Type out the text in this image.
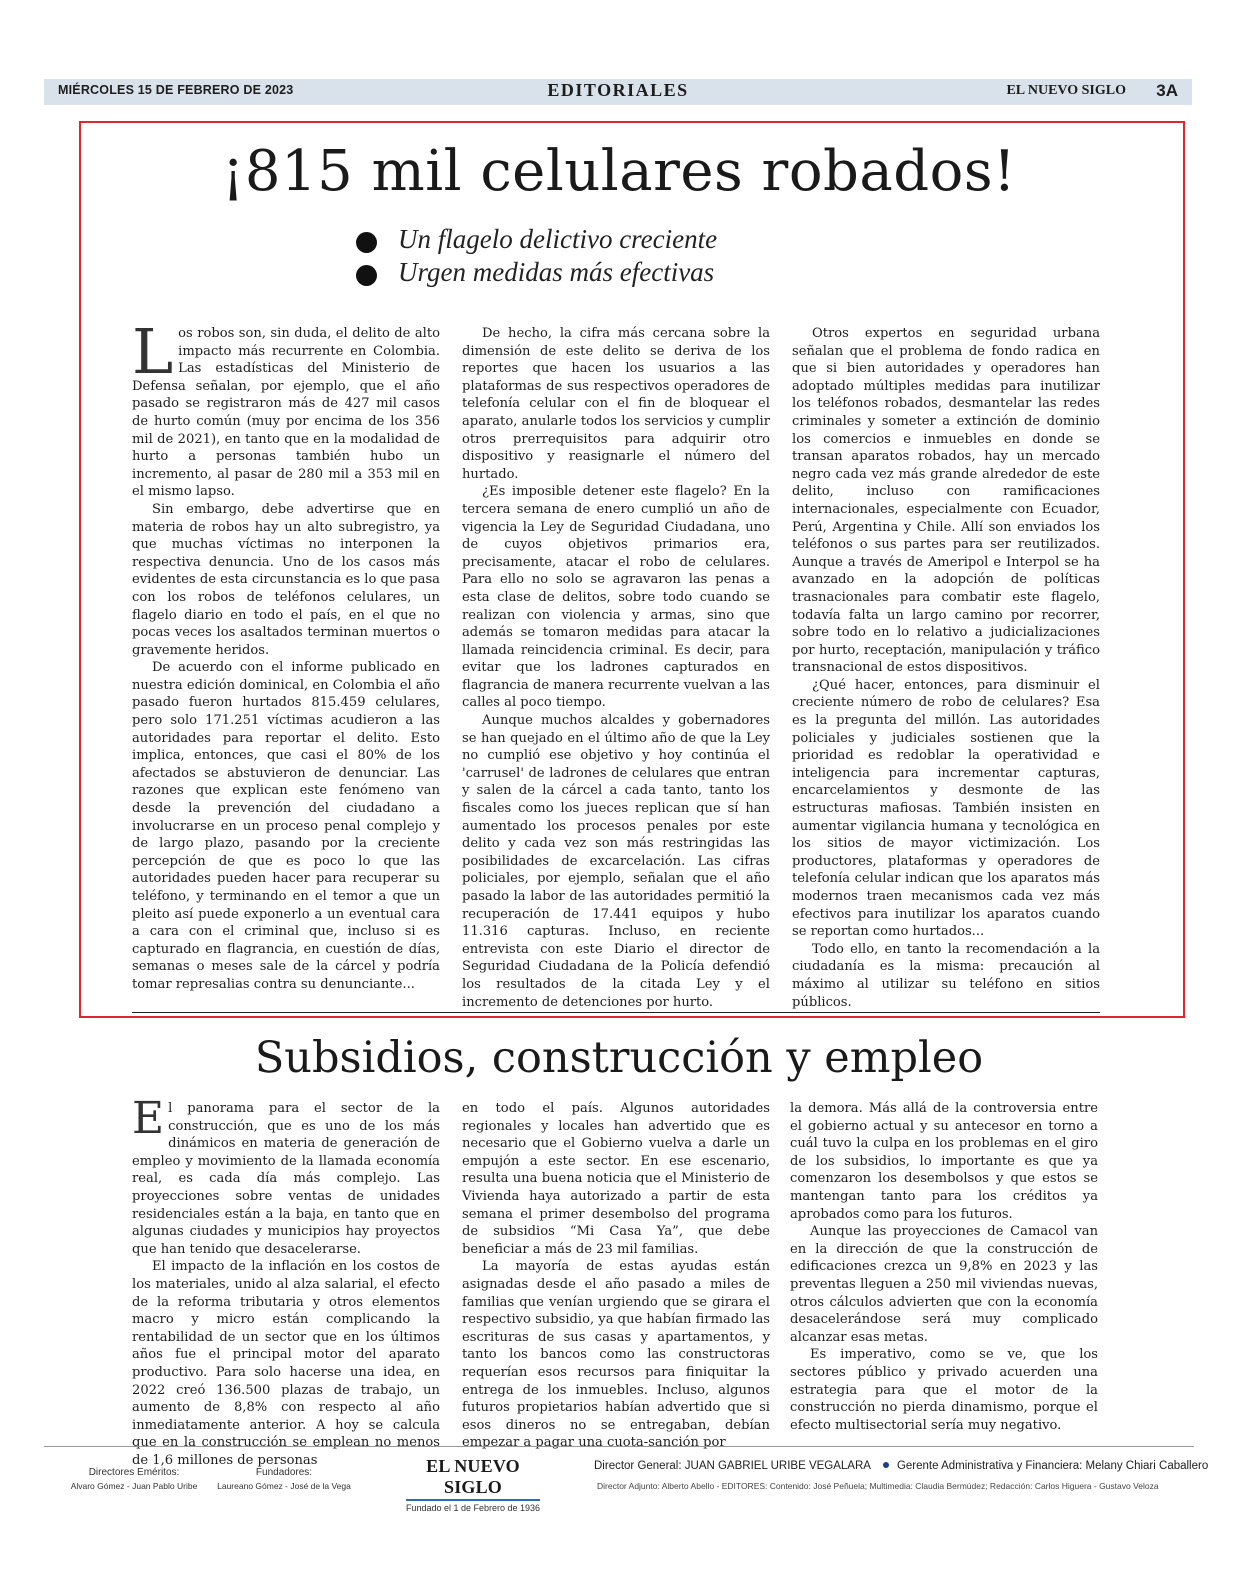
MIÉRCOLES 15 DE FEBRERO DE 2023	EDITORIALES	EL NUEVO SIGLO 3A
¡815 mil celulares robados!
Un flagelo delictivo creciente
Urgen medidas más efectivas

Los robos son, sin duda, el delito de alto impacto más recurrente en Colombia. Las estadísticas del Ministerio de Defensa señalan, por ejemplo, que el año pasado se registraron más de 427 mil casos de hurto común (muy por encima de los 356 mil de 2021), en tanto que en la modalidad de hurto a personas también hubo un incremento, al pasar de 280 mil a 353 mil en el mismo lapso.

Sin embargo, debe advertirse que en materia de robos hay un alto subregistro, ya que muchas víctimas no interponen la respectiva denuncia. Uno de los casos más evidentes de esta circunstancia es lo que pasa con los robos de teléfonos celulares, un flagelo diario en todo el país, en el que no pocas veces los asaltados terminan muertos o gravemente heridos.

De acuerdo con el informe publicado en nuestra edición dominical, en Colombia el año pasado fueron hurtados 815.459 celulares, pero solo 171.251 víctimas acudieron a las autoridades para reportar el delito. Esto implica, entonces, que casi el 80% de los afectados se abstuvieron de denunciar. Las razones que explican este fenómeno van desde la prevención del ciudadano a involucrarse en un proceso penal complejo y de largo plazo, pasando por la creciente percepción de que es poco lo que las autoridades pueden hacer para recuperar su teléfono, y terminando en el temor a que un pleito así puede exponerlo a un eventual cara a cara con el criminal que, incluso si es capturado en flagrancia, en cuestión de días, semanas o meses sale de la cárcel y podría tomar represalias contra su denunciante...

De hecho, la cifra más cercana sobre la dimensión de este delito se deriva de los reportes que hacen los usuarios a las plataformas de sus respectivos operadores de telefonía celular con el fin de bloquear el aparato, anularle todos los servicios y cumplir otros prerrequisitos para adquirir otro dispositivo y reasignarle el número del hurtado.

¿Es imposible detener este flagelo? En la tercera semana de enero cumplió un año de vigencia la Ley de Seguridad Ciudadana, uno de cuyos objetivos primarios era, precisamente, atacar el robo de celulares. Para ello no solo se agravaron las penas a esta clase de delitos, sobre todo cuando se realizan con violencia y armas, sino que además se tomaron medidas para atacar la llamada reincidencia criminal. Es decir, para evitar que los ladrones capturados en flagrancia de manera recurrente vuelvan a las calles al poco tiempo.

Aunque muchos alcaldes y gobernadores se han quejado en el último año de que la Ley no cumplió ese objetivo y hoy continúa el 'carrusel' de ladrones de celulares que entran y salen de la cárcel a cada tanto, tanto los fiscales como los jueces replican que sí han aumentado los procesos penales por este delito y cada vez son más restringidas las posibilidades de excarcelación. Las cifras policiales, por ejemplo, señalan que el año pasado la labor de las autoridades permitió la recuperación de 17.441 equipos y hubo 11.316 capturas. Incluso, en reciente entrevista con este Diario el director de Seguridad Ciudadana de la Policía defendió los resultados de la citada Ley y el incremento de detenciones por hurto.

Otros expertos en seguridad urbana señalan que el problema de fondo radica en que si bien autoridades y operadores han adoptado múltiples medidas para inutilizar los teléfonos robados, desmantelar las redes criminales y someter a extinción de dominio los comercios e inmuebles en donde se transan aparatos robados, hay un mercado negro cada vez más grande alrededor de este delito, incluso con ramificaciones internacionales, especialmente con Ecuador, Perú, Argentina y Chile. Allí son enviados los teléfonos o sus partes para ser reutilizados. Aunque a través de Ameripol e Interpol se ha avanzado en la adopción de políticas trasnacionales para combatir este flagelo, todavía falta un largo camino por recorrer, sobre todo en lo relativo a judicializaciones por hurto, receptación, manipulación y tráfico transnacional de estos dispositivos.

¿Qué hacer, entonces, para disminuir el creciente número de robo de celulares? Esa es la pregunta del millón. Las autoridades policiales y judiciales sostienen que la prioridad es redoblar la operatividad e inteligencia para incrementar capturas, encarcelamientos y desmonte de las estructuras mafiosas. También insisten en aumentar vigilancia humana y tecnológica en los sitios de mayor victimización. Los productores, plataformas y operadores de telefonía celular indican que los aparatos más modernos traen mecanismos cada vez más efectivos para inutilizar los aparatos cuando se reportan como hurtados...

Todo ello, en tanto la recomendación a la ciudadanía es la misma: precaución al máximo al utilizar su teléfono en sitios públicos.

Subsidios, construcción y empleo

El panorama para el sector de la construcción, que es uno de los más dinámicos en materia de generación de empleo y movimiento de la llamada economía real, es cada día más complejo. Las proyecciones sobre ventas de unidades residenciales están a la baja, en tanto que en algunas ciudades y municipios hay proyectos que han tenido que desacelerarse.

El impacto de la inflación en los costos de los materiales, unido al alza salarial, el efecto de la reforma tributaria y otros elementos macro y micro están complicando la rentabilidad de un sector que en los últimos años fue el principal motor del aparato productivo. Para solo hacerse una idea, en 2022 creó 136.500 plazas de trabajo, un aumento de 8,8% con respecto al año inmediatamente anterior. A hoy se calcula que en la construcción se emplean no menos de 1,6 millones de personas

en todo el país. Algunos autoridades regionales y locales han advertido que es necesario que el Gobierno vuelva a darle un empujón a este sector. En ese escenario, resulta una buena noticia que el Ministerio de Vivienda haya autorizado a partir de esta semana el primer desembolso del programa de subsidios “Mi Casa Ya”, que debe beneficiar a más de 23 mil familias.

La mayoría de estas ayudas están asignadas desde el año pasado a miles de familias que venían urgiendo que se girara el respectivo subsidio, ya que habían firmado las escrituras de sus casas y apartamentos, y tanto los bancos como las constructoras requerían esos recursos para finiquitar la entrega de los inmuebles. Incluso, algunos futuros propietarios habían advertido que si esos dineros no se entregaban, debían empezar a pagar una cuota-sanción por

la demora. Más allá de la controversia entre el gobierno actual y su antecesor en torno a cuál tuvo la culpa en los problemas en el giro de los subsidios, lo importante es que ya comenzaron los desembolsos y que estos se mantengan tanto para los créditos ya aprobados como para los futuros.

Aunque las proyecciones de Camacol van en la dirección de que la construcción de edificaciones crezca un 9,8% en 2023 y las preventas lleguen a 250 mil viviendas nuevas, otros cálculos advierten que con la economía desacelerándose será muy complicado alcanzar esas metas.

Es imperativo, como se ve, que los sectores público y privado acuerden una estrategia para que el motor de la construcción no pierda dinamismo, porque el efecto multisectorial sería muy negativo.

Directores Eméritos:
Alvaro Gómez - Juan Pablo Uribe
Fundadores:
Laureano Gómez - José de la Vega
EL NUEVO SIGLO
Fundado el 1 de Febrero de 1936
Director General: JUAN GABRIEL URIBE VEGALARA Gerente Administrativa y Financiera: Melany Chiari Caballero
Director Adjunto: Alberto Abello - EDITORES: Contenido: José Peñuela; Multimedia: Claudia Bermúdez; Redacción: Carlos Higuera - Gustavo Veloza
